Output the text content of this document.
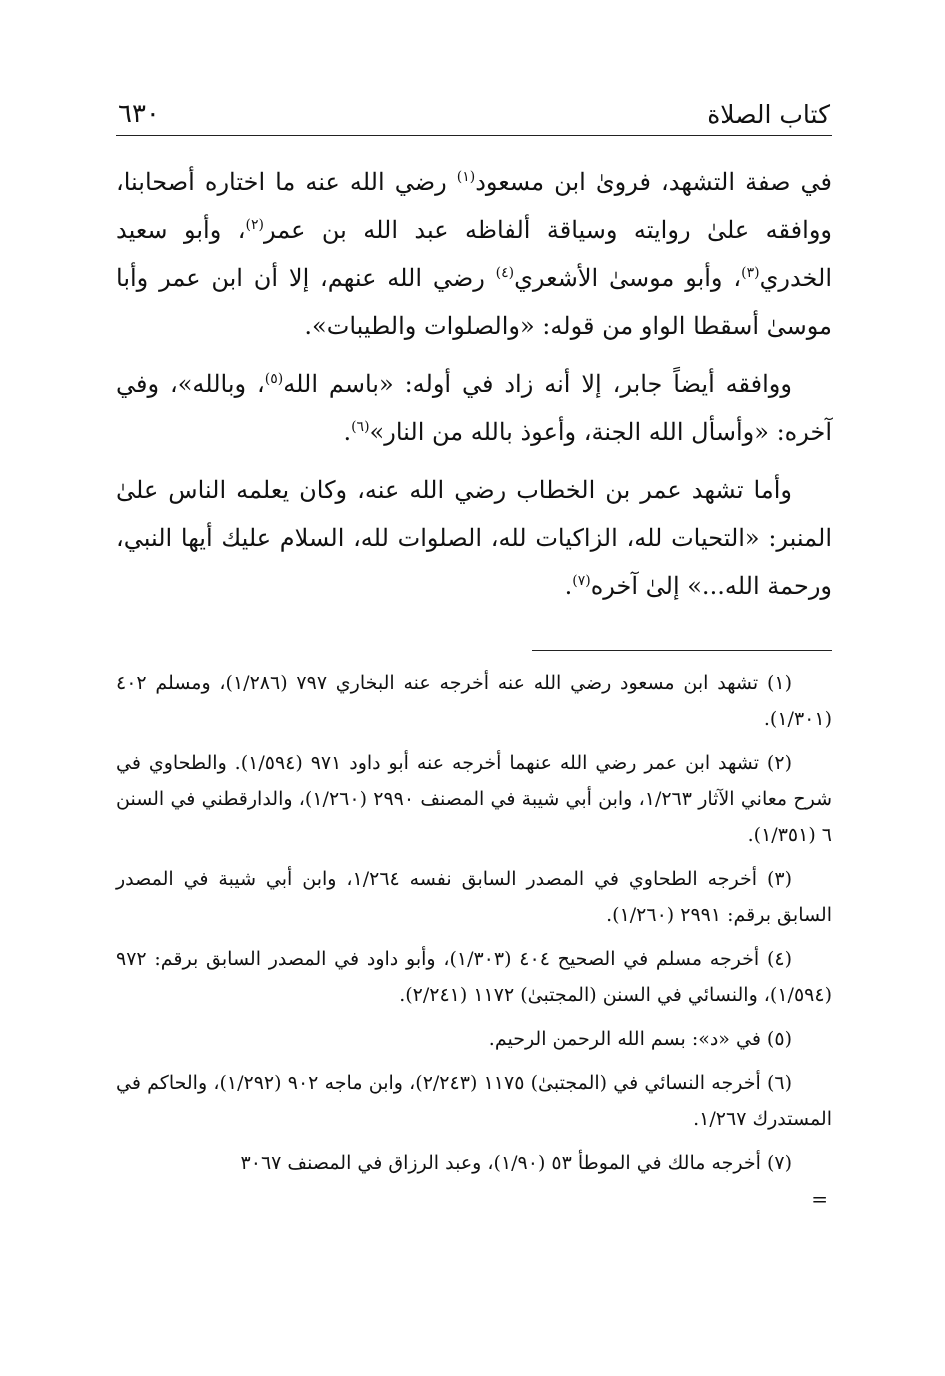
كتاب الصلاة
٦٣٠

في صفة التشهد، فروىٰ ابن مسعود$^{(١)}$ رضي الله عنه ما اختاره أصحابنا، ووافقه علىٰ روايته وسياقة ألفاظه عبد الله بن عمر$^{(٢)}$، وأبو سعيد الخدري$^{(٣)}$، وأبو موسىٰ الأشعري$^{(٤)}$ رضي الله عنهم، إلا أن ابن عمر وأبا موسىٰ أسقطا الواو من قوله: «والصلوات والطيبات».

ووافقه أيضاً جابر، إلا أنه زاد في أوله: «باسم الله$^{(٥)}$، وبالله»، وفي آخره: «وأسأل الله الجنة، وأعوذ بالله من النار»$^{(٦)}$.

وأما تشهد عمر بن الخطاب رضي الله عنه، وكان يعلمه الناس علىٰ المنبر: «التحيات لله، الزاكيات لله، الصلوات لله، السلام عليك أيها النبي، ورحمة الله...» إلىٰ آخره$^{(٧)}$.

(١) تشهد ابن مسعود رضي الله عنه أخرجه عنه البخاري ٧٩٧ (١/٢٨٦)، ومسلم ٤٠٢ (١/٣٠١).

(٢) تشهد ابن عمر رضي الله عنهما أخرجه عنه أبو داود ٩٧١ (١/٥٩٤). والطحاوي في شرح معاني الآثار ١/٢٦٣، وابن أبي شيبة في المصنف ٢٩٩٠ (١/٢٦٠)، والدارقطني في السنن ٦ (١/٣٥١).

(٣) أخرجه الطحاوي في المصدر السابق نفسه ١/٢٦٤، وابن أبي شيبة في المصدر السابق برقم: ٢٩٩١ (١/٢٦٠).

(٤) أخرجه مسلم في الصحيح ٤٠٤ (١/٣٠٣)، وأبو داود في المصدر السابق برقم: ٩٧٢ (١/٥٩٤)، والنسائي في السنن (المجتبىٰ) ١١٧٢ (٢/٢٤١).

(٥) في «د»: بسم الله الرحمن الرحيم.

(٦) أخرجه النسائي في (المجتبىٰ) ١١٧٥ (٢/٢٤٣)، وابن ماجه ٩٠٢ (١/٢٩٢)، والحاكم في المستدرك ١/٢٦٧.

(٧) أخرجه مالك في الموطأ ٥٣ (١/٩٠)، وعبد الرزاق في المصنف ٣٠٦٧

=
